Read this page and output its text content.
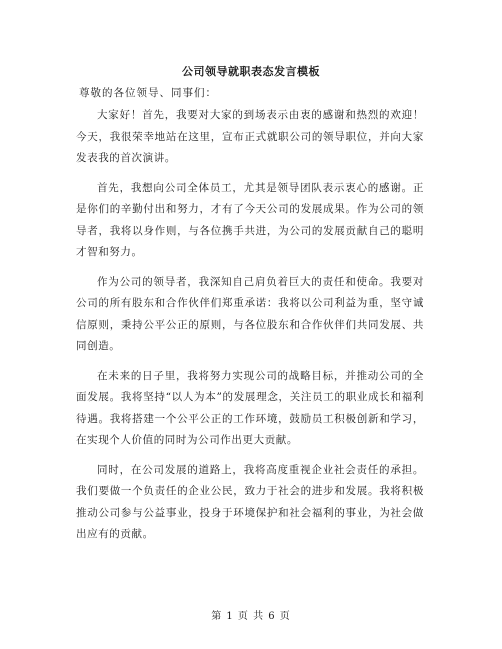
公司领导就职表态发言模板
尊敬的各位领导、同事们：

大家好！首先，我要对大家的到场表示由衷的感谢和热烈的欢迎！今天，我很荣幸地站在这里，宣布正式就职公司的领导职位，并向大家发表我的首次演讲。

首先，我想向公司全体员工，尤其是领导团队表示衷心的感谢。正是你们的辛勤付出和努力，才有了今天公司的发展成果。作为公司的领导者，我将以身作则，与各位携手共进，为公司的发展贡献自己的聪明才智和努力。

作为公司的领导者，我深知自己肩负着巨大的责任和使命。我要对公司的所有股东和合作伙伴们郑重承诺：我将以公司利益为重，坚守诚信原则，秉持公平公正的原则，与各位股东和合作伙伴们共同发展、共同创造。

在未来的日子里，我将努力实现公司的战略目标，并推动公司的全面发展。我将坚持“以人为本”的发展理念，关注员工的职业成长和福利待遇。我将搭建一个公平公正的工作环境，鼓励员工积极创新和学习，在实现个人价值的同时为公司作出更大贡献。

同时，在公司发展的道路上，我将高度重视企业社会责任的承担。我们要做一个负责任的企业公民，致力于社会的进步和发展。我将积极推动公司参与公益事业，投身于环境保护和社会福利的事业，为社会做出应有的贡献。

第 1 页 共 6 页
